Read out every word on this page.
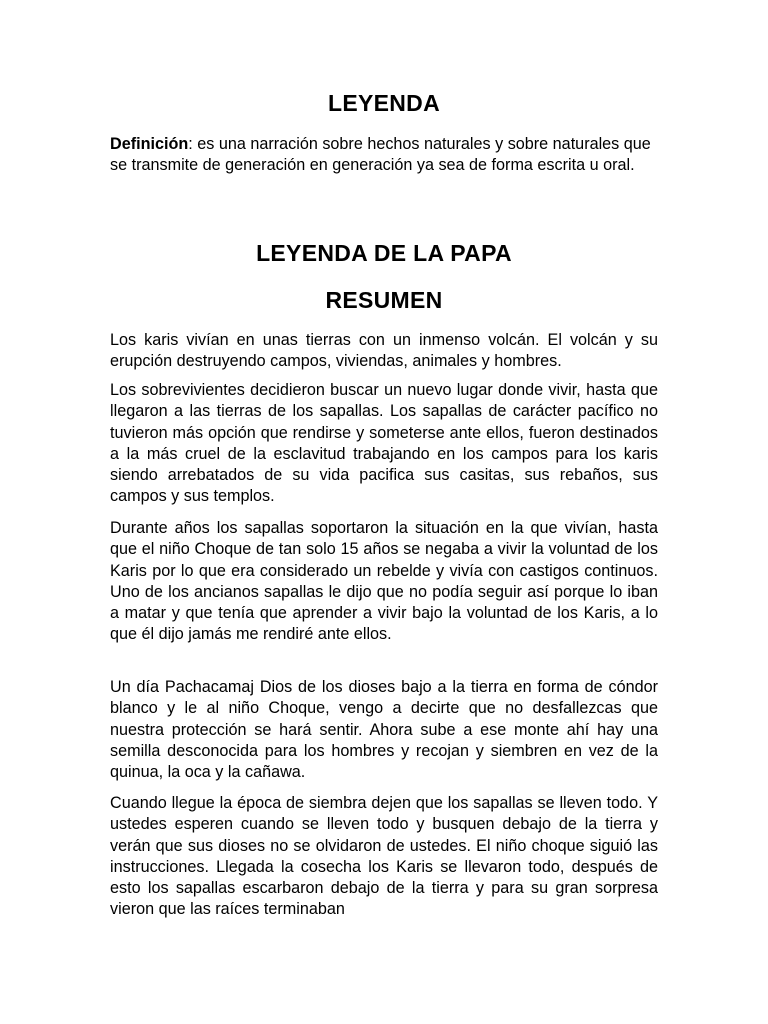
LEYENDA

Definición: es una narración sobre hechos naturales y sobre naturales que se transmite de generación en generación ya sea de forma escrita u oral.

LEYENDA DE LA PAPA
RESUMEN

Los karis vivían en unas tierras con un inmenso volcán. El volcán y su erupción destruyendo campos, viviendas, animales y hombres.

Los sobrevivientes decidieron buscar un nuevo lugar donde vivir, hasta que llegaron a las tierras de los sapallas. Los sapallas de carácter pacífico no tuvieron más opción que rendirse y someterse ante ellos, fueron destinados a la más cruel de la esclavitud trabajando en los campos para los karis siendo arrebatados de su vida pacifica sus casitas, sus rebaños, sus campos y sus templos.

Durante años los sapallas soportaron la situación en la que vivían, hasta que el niño Choque de tan solo 15 años se negaba a vivir la voluntad de los Karis por lo que era considerado un rebelde y vivía con castigos continuos. Uno de los ancianos sapallas le dijo que no podía seguir así porque lo iban a matar y que tenía que aprender a vivir bajo la voluntad de los Karis, a lo que él dijo jamás me rendiré ante ellos.

Un día Pachacamaj Dios de los dioses bajo a la tierra en forma de cóndor blanco y le al niño Choque, vengo a decirte que no desfallezcas que nuestra protección se hará sentir. Ahora sube a ese monte ahí hay una semilla desconocida para los hombres y recojan y siembren en vez de la quinua, la oca y la cañawa.

Cuando llegue la época de siembra dejen que los sapallas se lleven todo. Y ustedes esperen cuando se lleven todo y busquen debajo de la tierra y verán que sus dioses no se olvidaron de ustedes. El niño choque siguió las instrucciones. Llegada la cosecha los Karis se llevaron todo, después de esto los sapallas escarbaron debajo de la tierra y para su gran sorpresa vieron que las raíces terminaban
